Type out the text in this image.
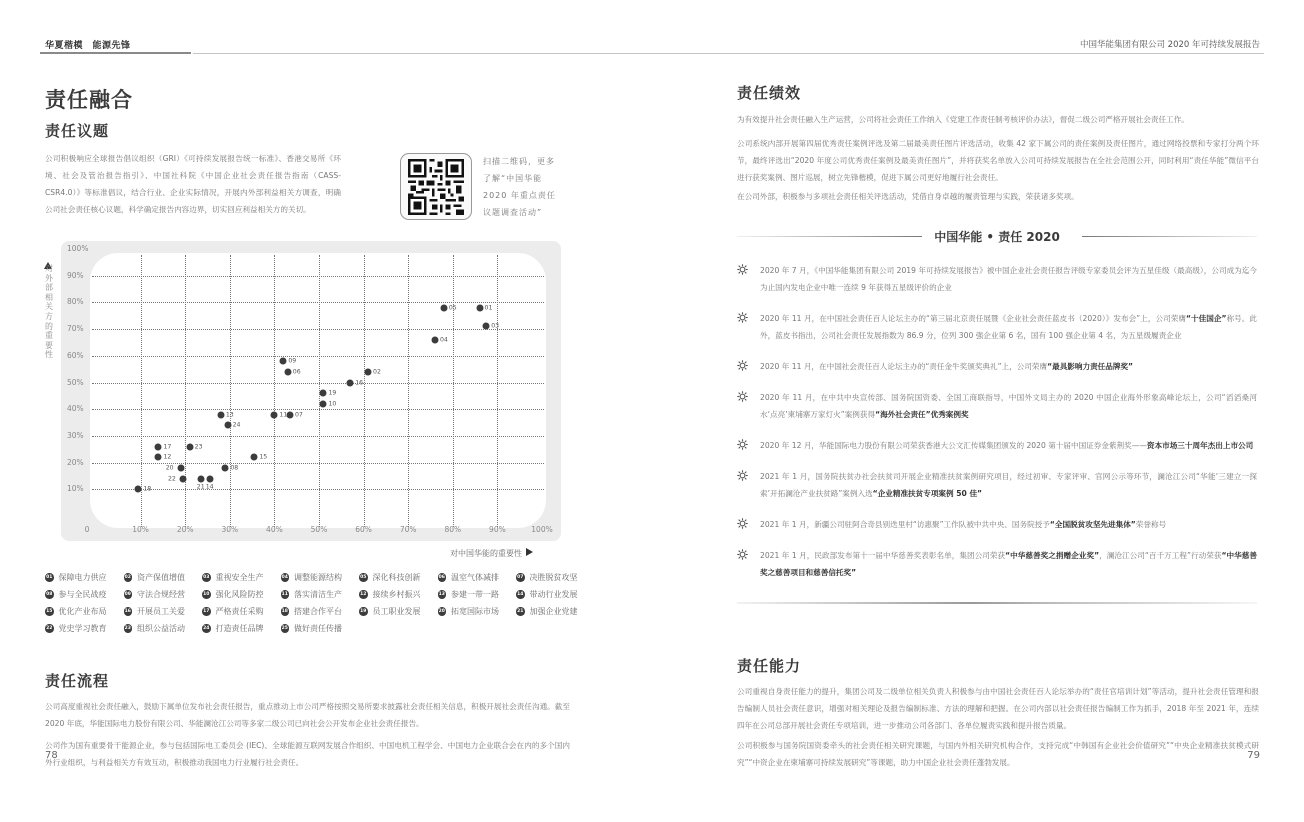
华夏楷模　能源先锋
责任融合
责任议题
公司积极响应全球报告倡议组织（GRI）《可持续发展报告统一标准》、香港交易所《环境、社会及管治报告指引》、中国社科院《中国企业社会责任报告指南（CASS-CSR4.0）》等标准倡议，结合行业、企业实际情况，开展内外部利益相关方调查，明确公司社会责任核心议题，科学确定报告内容边界，切实回应利益相关方的关切。
扫描二维码，更多了解“中国华能 2020 年重点责任议题调查活动”
10%
20%
30%
40%
50%
60%
70%
80%
90%
100%
0	10%	20%	30%	40%	50%	60%	70%	80%	90%	100%
01
02
03
04
05
06
07
08
09
10
11
12
13
14
15
16
17
18
19
20
21
22
23
24
对
外
部
相
关
方
的
重
要
性
对中国华能的重要性
01 保障电力供应	02 资产保值增值	03 重视安全生产	04 调整能源结构	05 深化科技创新	06 温室气体减排	07 决胜脱贫攻坚
08 参与全民战疫	09 守法合规经营	10 强化风险防控	11 落实清洁生产	12 接续乡村振兴	13 参建一带一路	14 带动行业发展
15 优化产业布局	16 开展员工关爱	17 严格责任采购	18 搭建合作平台	19 员工职业发展	20 拓宽国际市场	21 加强企业党建
22 党史学习教育	23 组织公益活动	24 打造责任品牌	25 做好责任传播
责任流程
公司高度重视社会责任融入，鼓励下属单位发布社会责任报告，重点推动上市公司严格按照交易所要求披露社会责任相关信息，积极开展社会责任沟通。截至 2020 年底，华能国际电力股份有限公司、华能澜沧江公司等多家二级公司已向社会公开发布企业社会责任报告。
公司作为国有重要骨干能源企业，参与包括国际电工委员会 (IEC)、全球能源互联网发展合作组织、中国电机工程学会、中国电力企业联合会在内的多个国内外行业组织，与利益相关方有效互动，积极推动我国电力行业履行社会责任。
78
中国华能集团有限公司 2020 年可持续发展报告
责任绩效
为有效提升社会责任融入生产运营，公司将社会责任工作纳入《党建工作责任制考核评价办法》，督促二级公司严格开展社会责任工作。
公司系统内部开展第四届优秀责任案例评选及第二届最美责任图片评选活动，收集 42 家下属公司的责任案例及责任图片，通过网络投票和专家打分两个环节，最终评选出“2020 年度公司优秀责任案例及最美责任图片”，并将获奖名单放入公司可持续发展报告在全社会范围公开，同时利用“责任华能”微信平台进行获奖案例、图片巡展，树立先锋楷模，促进下属公司更好地履行社会责任。
在公司外部，积极参与多项社会责任相关评选活动，凭借自身卓越的履责管理与实践，荣获诸多奖项。
中国华能 • 责任 2020
2020 年 7 月，《中国华能集团有限公司 2019 年可持续发展报告》被中国企业社会责任报告评级专家委员会评为五星佳级（最高级），公司成为迄今为止国内发电企业中唯一连续 9 年获得五星级评价的企业
2020 年 11 月，在中国社会责任百人论坛主办的“第三届北京责任展暨《企业社会责任蓝皮书（2020）》发布会”上，公司荣膺“十佳国企”称号。此外，蓝皮书指出，公司社会责任发展指数为 86.9 分，位列 300 强企业第 6 名，国有 100 强企业第 4 名，为五星级履责企业
2020 年 11 月，在中国社会责任百人论坛主办的“责任金牛奖颁奖典礼”上，公司荣膺“最具影响力责任品牌奖”
2020 年 11 月，在中共中央宣传部、国务院国资委、全国工商联指导，中国外文局主办的 2020 中国企业海外形象高峰论坛上，公司“滔滔桑河水‘点亮’柬埔寨万家灯火”案例获得“海外社会责任”优秀案例奖
2020 年 12 月，华能国际电力股份有限公司荣获香港大公文汇传媒集团颁发的 2020 第十届中国证券金紫荆奖——资本市场三十周年杰出上市公司
2021 年 1 月，国务院扶贫办社会扶贫司开展企业精准扶贫案例研究项目，经过初审、专家评审、官网公示等环节，澜沧江公司“华能‘三建立一探索’开拓澜沧产业扶贫路”案例入选“企业精准扶贫专项案例 50 佳”
2021 年 1 月，新疆公司驻阿合奇县别迭里村“访惠聚”工作队被中共中央、国务院授予“全国脱贫攻坚先进集体”荣誉称号
2021 年 1 月，民政部发布第十一届中华慈善奖表彰名单，集团公司荣获“中华慈善奖之捐赠企业奖”，澜沧江公司“百千万工程”行动荣获“中华慈善奖之慈善项目和慈善信托奖”
责任能力
公司重视自身责任能力的提升，集团公司及二级单位相关负责人积极参与由中国社会责任百人论坛举办的“责任官培训计划”等活动，提升社会责任管理和报告编制人员社会责任意识，增强对相关理论及报告编制标准、方法的理解和把握。在公司内部以社会责任报告编制工作为抓手，2018 年至 2021 年，连续四年在公司总部开展社会责任专项培训，进一步推动公司各部门、各单位履责实践和提升报告质量。
公司积极参与国务院国资委牵头的社会责任相关研究课题，与国内外相关研究机构合作，支持完成“中韩国有企业社会价值研究”“中央企业精准扶贫模式研究”“中资企业在柬埔寨可持续发展研究”等课题，助力中国企业社会责任蓬勃发展。
79
